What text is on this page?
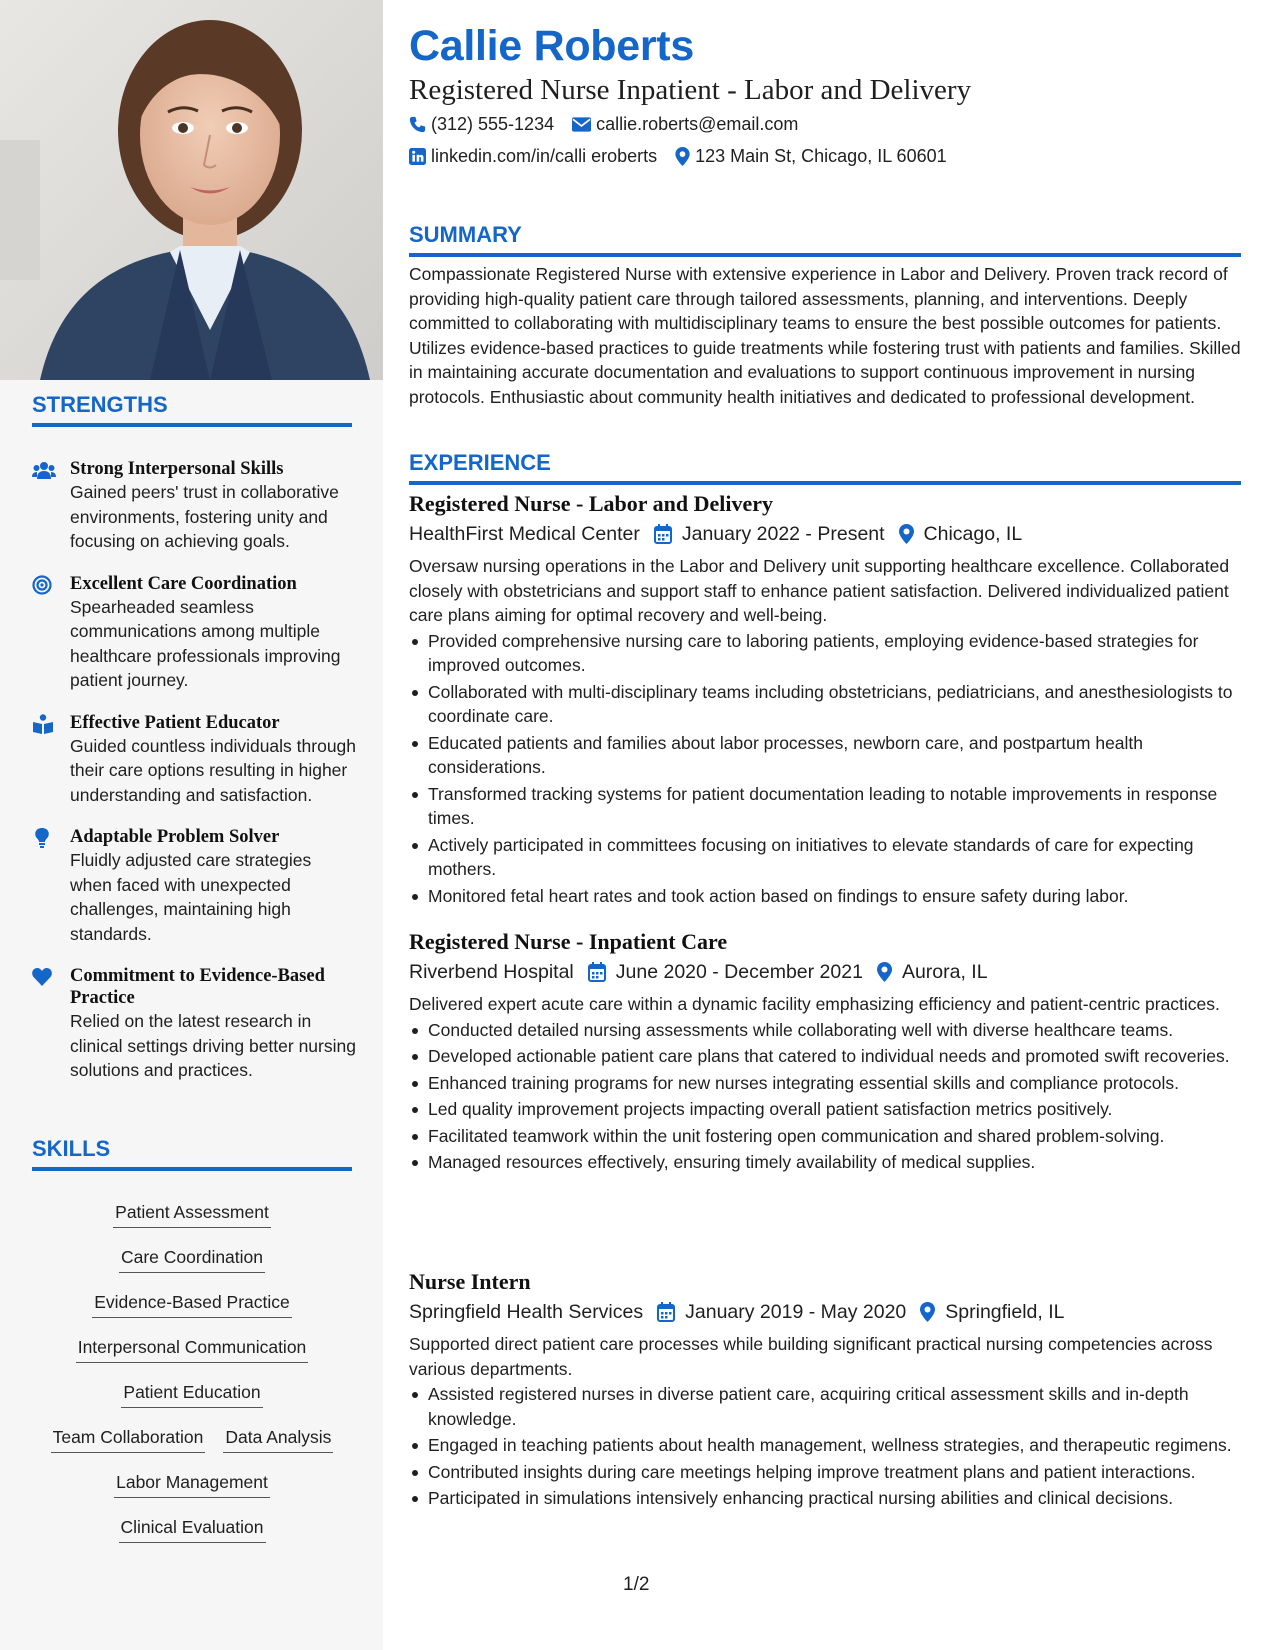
STRENGTHS
Strong Interpersonal Skills
Gained peers' trust in collaborative environments, fostering unity and focusing on achieving goals.
Excellent Care Coordination
Spearheaded seamless communications among multiple healthcare professionals improving patient journey.
Effective Patient Educator
Guided countless individuals through their care options resulting in higher understanding and satisfaction.
Adaptable Problem Solver
Fluidly adjusted care strategies when faced with unexpected challenges, maintaining high standards.
Commitment to Evidence-Based Practice
Relied on the latest research in clinical settings driving better nursing solutions and practices.
SKILLS
Patient Assessment
Care Coordination
Evidence-Based Practice
Interpersonal Communication
Patient Education
Team Collaboration Data Analysis
Labor Management
Clinical Evaluation
Callie Roberts
Registered Nurse Inpatient - Labor and Delivery
(312) 555-1234 callie.roberts@email.com
linkedin.com/in/calli eroberts 123 Main St, Chicago, IL 60601
SUMMARY
Compassionate Registered Nurse with extensive experience in Labor and Delivery. Proven track record of providing high-quality patient care through tailored assessments, planning, and interventions. Deeply committed to collaborating with multidisciplinary teams to ensure the best possible outcomes for patients. Utilizes evidence-based practices to guide treatments while fostering trust with patients and families. Skilled in maintaining accurate documentation and evaluations to support continuous improvement in nursing protocols. Enthusiastic about community health initiatives and dedicated to professional development.
EXPERIENCE
Registered Nurse - Labor and Delivery
HealthFirst Medical Center January 2022 - Present Chicago, IL
Oversaw nursing operations in the Labor and Delivery unit supporting healthcare excellence. Collaborated closely with obstetricians and support staff to enhance patient satisfaction. Delivered individualized patient care plans aiming for optimal recovery and well-being.
Provided comprehensive nursing care to laboring patients, employing evidence-based strategies for improved outcomes.
Collaborated with multi-disciplinary teams including obstetricians, pediatricians, and anesthesiologists to coordinate care.
Educated patients and families about labor processes, newborn care, and postpartum health considerations.
Transformed tracking systems for patient documentation leading to notable improvements in response times.
Actively participated in committees focusing on initiatives to elevate standards of care for expecting mothers.
Monitored fetal heart rates and took action based on findings to ensure safety during labor.
Registered Nurse - Inpatient Care
Riverbend Hospital June 2020 - December 2021 Aurora, IL
Delivered expert acute care within a dynamic facility emphasizing efficiency and patient-centric practices.
Conducted detailed nursing assessments while collaborating well with diverse healthcare teams.
Developed actionable patient care plans that catered to individual needs and promoted swift recoveries.
Enhanced training programs for new nurses integrating essential skills and compliance protocols.
Led quality improvement projects impacting overall patient satisfaction metrics positively.
Facilitated teamwork within the unit fostering open communication and shared problem-solving.
Managed resources effectively, ensuring timely availability of medical supplies.
Nurse Intern
Springfield Health Services January 2019 - May 2020 Springfield, IL
Supported direct patient care processes while building significant practical nursing competencies across various departments.
Assisted registered nurses in diverse patient care, acquiring critical assessment skills and in-depth knowledge.
Engaged in teaching patients about health management, wellness strategies, and therapeutic regimens.
Contributed insights during care meetings helping improve treatment plans and patient interactions.
Participated in simulations intensively enhancing practical nursing abilities and clinical decisions.
1/2
